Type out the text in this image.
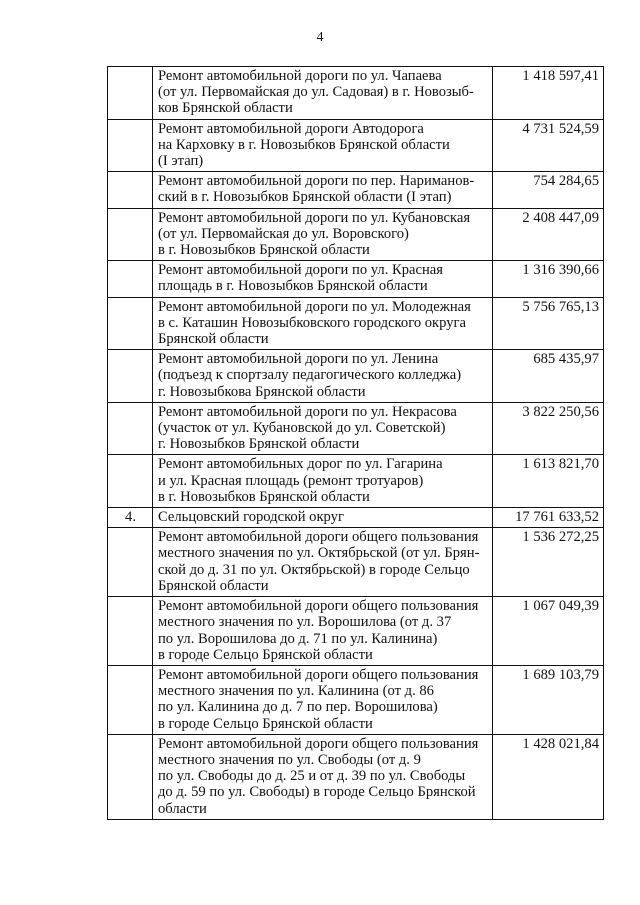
4

	Ремонт автомобильной дороги по ул. Чапаева
(от ул. Первомайская до ул. Садовая) в г. Новозыб-
ков Брянской области	1 418 597,41

	Ремонт автомобильной дороги Автодорога
на Карховку в г. Новозыбков Брянской области
(I этап)	4 731 524,59

	Ремонт автомобильной дороги по пер. Нариманов-
ский в г. Новозыбков Брянской области (I этап)	754 284,65

	Ремонт автомобильной дороги по ул. Кубановская
(от ул. Первомайская до ул. Воровского)
в г. Новозыбков Брянской области	2 408 447,09

	Ремонт автомобильной дороги по ул. Красная
площадь в г. Новозыбков Брянской области	1 316 390,66

	Ремонт автомобильной дороги по ул. Молодежная
в с. Каташин Новозыбковского городского округа
Брянской области	5 756 765,13

	Ремонт автомобильной дороги по ул. Ленина
(подъезд к спортзалу педагогического колледжа)
г. Новозыбкова Брянской области	685 435,97

	Ремонт автомобильной дороги по ул. Некрасова
(участок от ул. Кубановской до ул. Советской)
г. Новозыбков Брянской области	3 822 250,56

	Ремонт автомобильных дорог по ул. Гагарина
и ул. Красная площадь (ремонт тротуаров)
в г. Новозыбков Брянской области	1 613 821,70
4.	Сельцовский городской округ	17 761 633,52

	Ремонт автомобильной дороги общего пользования
местного значения по ул. Октябрьской (от ул. Брян-
ской до д. 31 по ул. Октябрьской) в городе Сельцо
Брянской области	1 536 272,25

	Ремонт автомобильной дороги общего пользования
местного значения по ул. Ворошилова (от д. 37
по ул. Ворошилова до д. 71 по ул. Калинина)
в городе Сельцо Брянской области	1 067 049,39

	Ремонт автомобильной дороги общего пользования
местного значения по ул. Калинина (от д. 86
по ул. Калинина до д. 7 по пер. Ворошилова)
в городе Сельцо Брянской области	1 689 103,79

	Ремонт автомобильной дороги общего пользования
местного значения по ул. Свободы (от д. 9
по ул. Свободы до д. 25 и от д. 39 по ул. Свободы
до д. 59 по ул. Свободы) в городе Сельцо Брянской
области	1 428 021,84
